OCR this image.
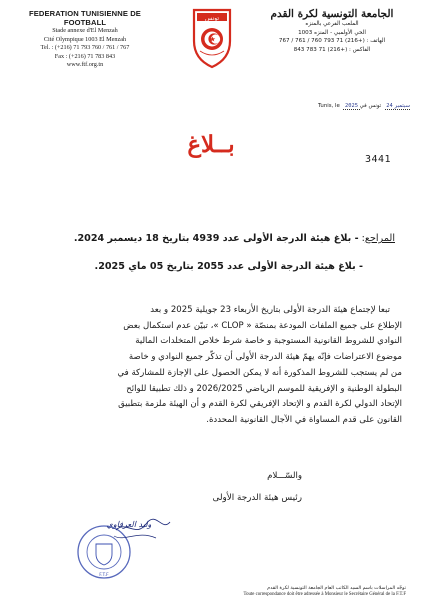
FEDERATION TUNISIENNE DE FOOTBALL
Stade annexe d'El Menzah
Cité Olympique 1003 El Menzah
Tel. : (+216) 71 793 760 / 761 / 767
Fax : (+216) 71 783 843
www.ftf.org.tn
تونس	الجامعة التونسية لكرة القدم
الملعب الفرعي بالمنزه
الحي الأولمبي - المنزه 1003
الهاتف : (+216) 71 793 760 / 761 / 767
الفاكس : (+216) 71 783 843
Tunis, le 2025	سبتمبر 24   تونس في
بــلاغ
3441
المراجع: - بلاغ هيئة الدرجة الأولى عدد 4939 بتاريخ 18 ديسمبر 2024.
- بلاغ هيئة الدرجة الأولى عدد 2055 بتاريخ 05 ماي 2025.
تبعا لإجتماع هيئة الدرجة الأولى بتاريخ الأربعاء 23 جويلية 2025 و بعد
الإطلاع على جميع الملفات المودعة بمنصّة « CLOP »، تبيّن عدم استكمال بعض
النوادي للشروط القانونية المستوجبة و خاصة شرط خلاص المتخلدات المالية
موضوع الاعتراضات فإنّه يهمّ هيئة الدرجة الأولى أن تذكّر جميع النوادي و خاصة
من لم يستجب للشروط المذكورة أنه لا يمكن الحصول على الإجازة للمشاركة في
البطولة الوطنية و الإفريقية للموسم الرياضي 2026/2025 و ذلك تطبيقا للوائح
الإتحاد الدولي لكرة القدم و الإتحاد الإفريقي لكرة القدم و أن الهيئة ملزمة بتطبيق
القانون على قدم المساواة في الآجال القانونية المحددة.
والسّـــلام
رئيس هيئة الدرجة الأولى
F.T.F
وليد العرفاوي
توجّه المراسلات باسم السيد الكاتب العام الجامعة التونسية لكرة القدم
Toute correspondance doit être adressée à Monsieur le Secrétaire Général de la F.T.F
